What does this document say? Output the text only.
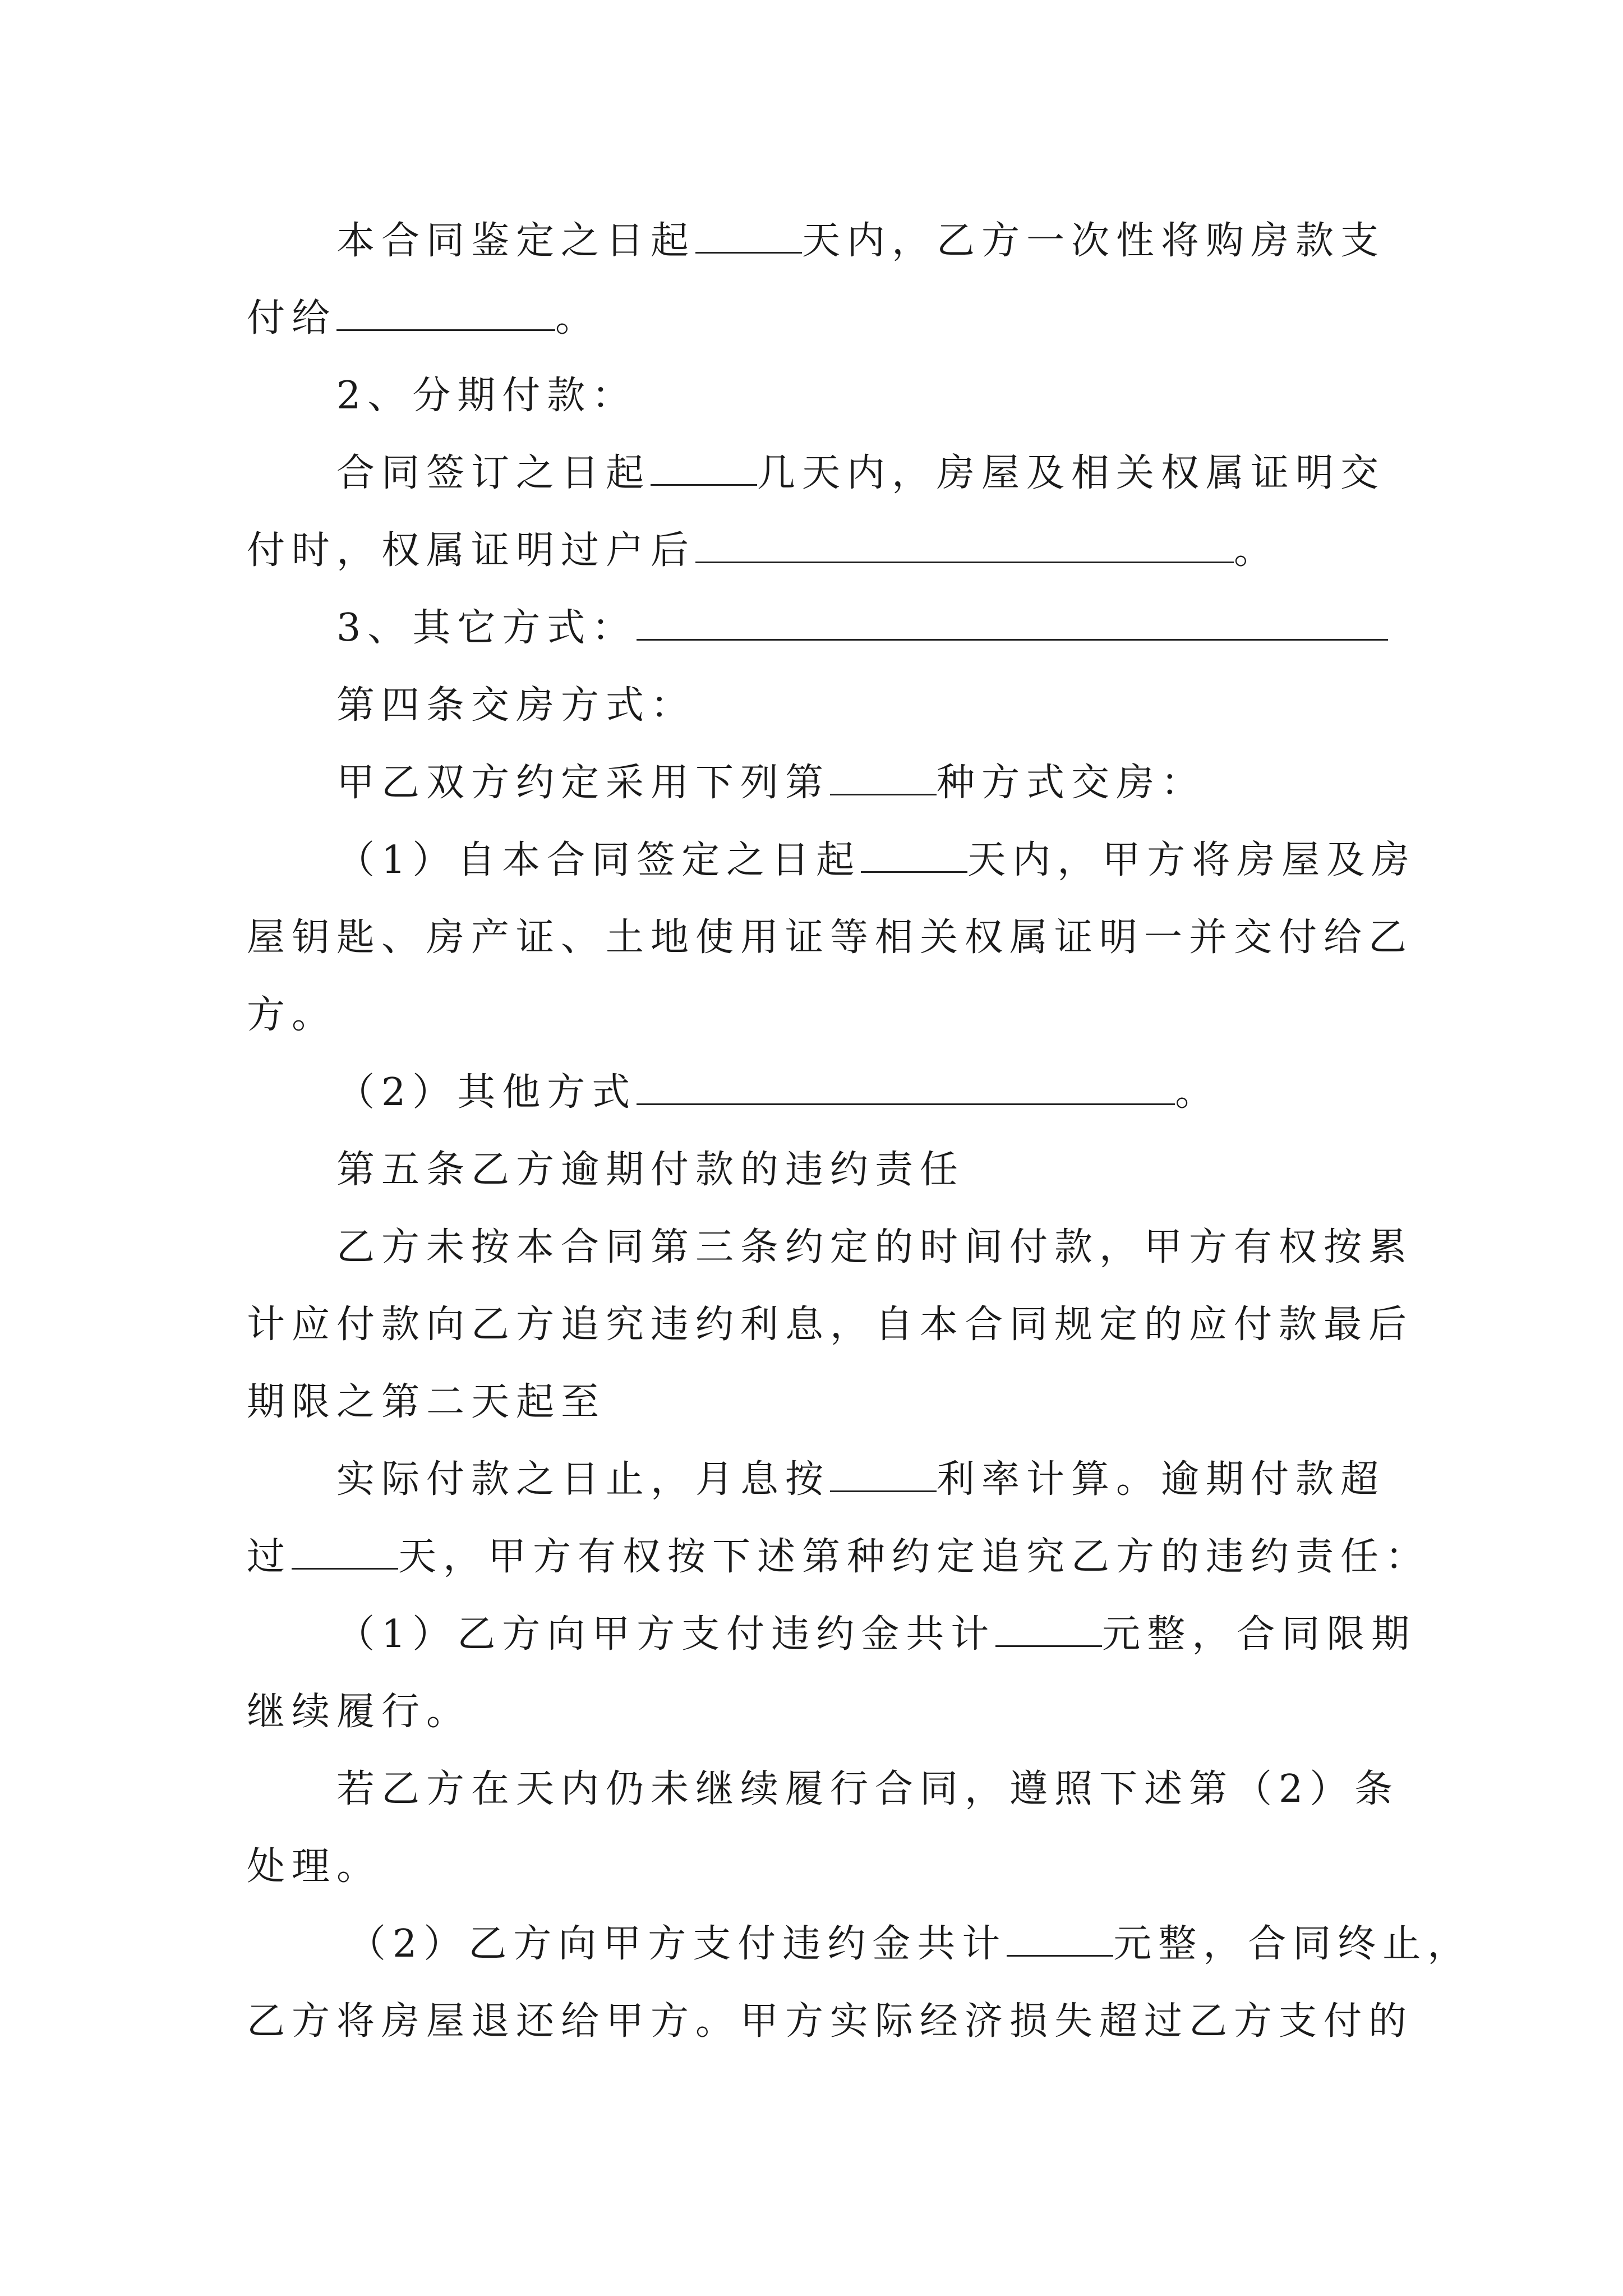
本合同鉴定之日起	天内，乙方一次性将购房款支
付给	。
2、分期付款：
合同签订之日起	几天内，房屋及相关权属证明交
付时，权属证明过户后	。
3、其它方式：
第四条交房方式：
甲乙双方约定采用下列第	种方式交房：
（1）自本合同签定之日起	天内，甲方将房屋及房
屋钥匙、房产证、土地使用证等相关权属证明一并交付给乙
方。
（2）其他方式	。
第五条乙方逾期付款的违约责任
乙方未按本合同第三条约定的时间付款，甲方有权按累
计应付款向乙方追究违约利息，自本合同规定的应付款最后
期限之第二天起至
实际付款之日止，月息按	利率计算。逾期付款超
过	天，甲方有权按下述第种约定追究乙方的违约责任：
（1）乙方向甲方支付违约金共计	元整，合同限期
继续履行。
若乙方在天内仍未继续履行合同，遵照下述第（2）条
处理。
（2）乙方向甲方支付违约金共计	元整，合同终止，
乙方将房屋退还给甲方。甲方实际经济损失超过乙方支付的
